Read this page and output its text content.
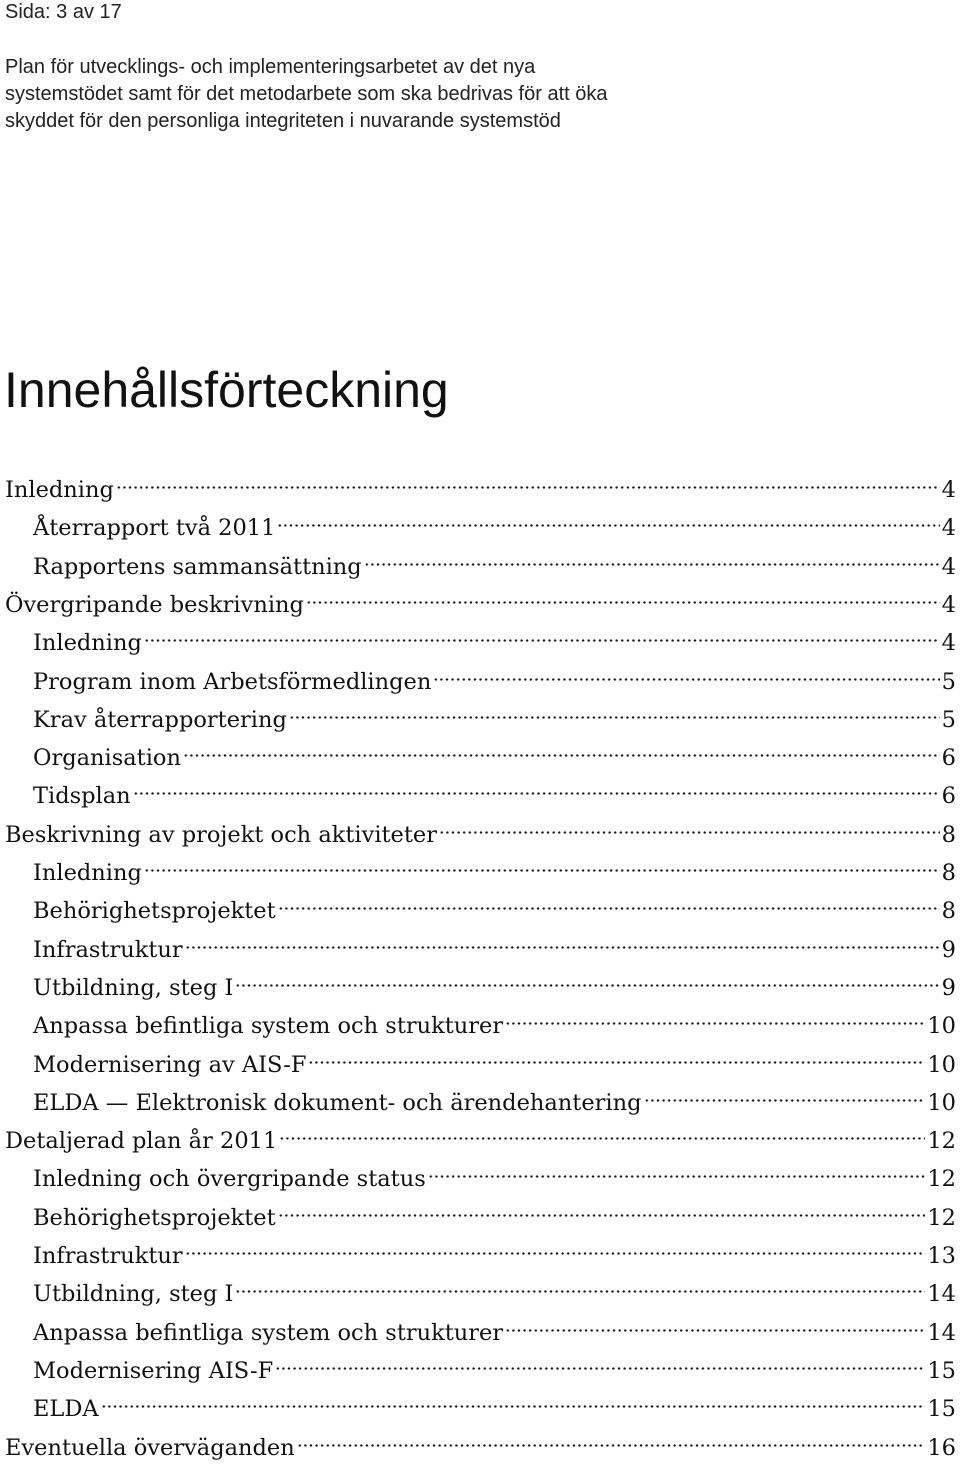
Sida: 3 av 17
Plan för utvecklings- och implementeringsarbetet av det nya
systemstödet samt för det metodarbete som ska bedrivas för att öka
skyddet för den personliga integriteten i nuvarande systemstöd
Innehållsförteckning
Inledning	4
Återrapport två 2011	4
Rapportens sammansättning	4
Övergripande beskrivning	4
Inledning	4
Program inom Arbetsförmedlingen	5
Krav återrapportering	5
Organisation	6
Tidsplan	6
Beskrivning av projekt och aktiviteter	8
Inledning	8
Behörighetsprojektet	8
Infrastruktur	9
Utbildning, steg I	9
Anpassa befintliga system och strukturer	10
Modernisering av AIS-F	10
ELDA — Elektronisk dokument- och ärendehantering	10
Detaljerad plan år 2011	12
Inledning och övergripande status	12
Behörighetsprojektet	12
Infrastruktur	13
Utbildning, steg I	14
Anpassa befintliga system och strukturer	14
Modernisering AIS-F	15
ELDA	15
Eventuella överväganden	16
